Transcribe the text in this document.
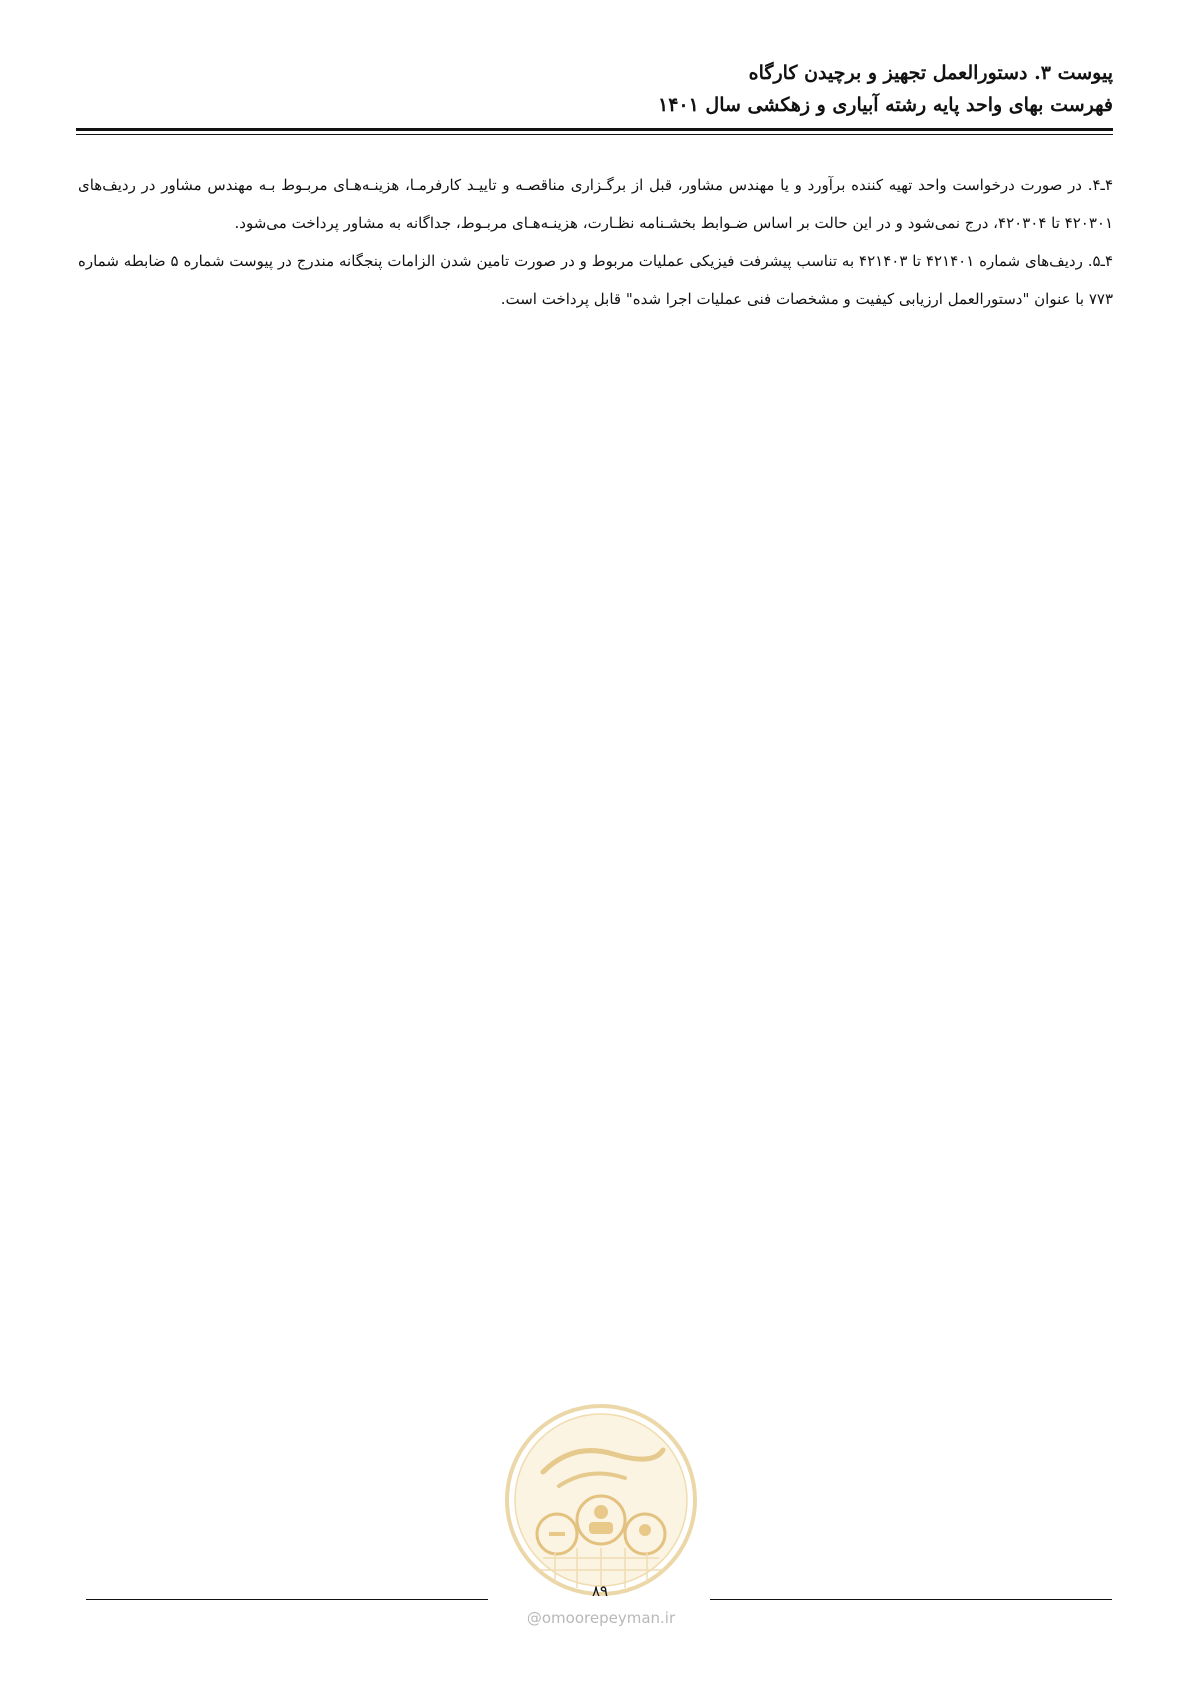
پیوست ۳. دستورالعمل تجهیز و برچیدن کارگاه
فهرست بهای واحد پایه رشته آبیاری و زهکشی سال ۱۴۰۱

۴ـ۴. در صورت درخواست واحد تهیه کننده برآورد و یا مهندس مشاور، قبل از برگـزاری مناقصـه و تاییـد کارفرمـا، هزینـه‌هـای مربـوط بـه مهندس مشاور در ردیف‌های ۴۲۰۳۰۱ تا ۴۲۰۳۰۴، درج نمی‌شود و در این حالت بر اساس ضـوابط بخشـنامه نظـارت، هزینـه‌هـای مربـوط، جداگانه به مشاور پرداخت می‌شود.

۴ـ۵. ردیف‌های شماره ۴۲۱۴۰۱ تا ۴۲۱۴۰۳ به تناسب پیشرفت فیزیکی عملیات مربوط و در صورت تامین شدن الزامات پنجگانه مندرج در پیوست شماره ۵ ضابطه شماره ۷۷۳ با عنوان "دستورالعمل ارزیابی کیفیت و مشخصات فنی عملیات اجرا شده" قابل پرداخت است.

۸۹
@omoorepeyman.ir
